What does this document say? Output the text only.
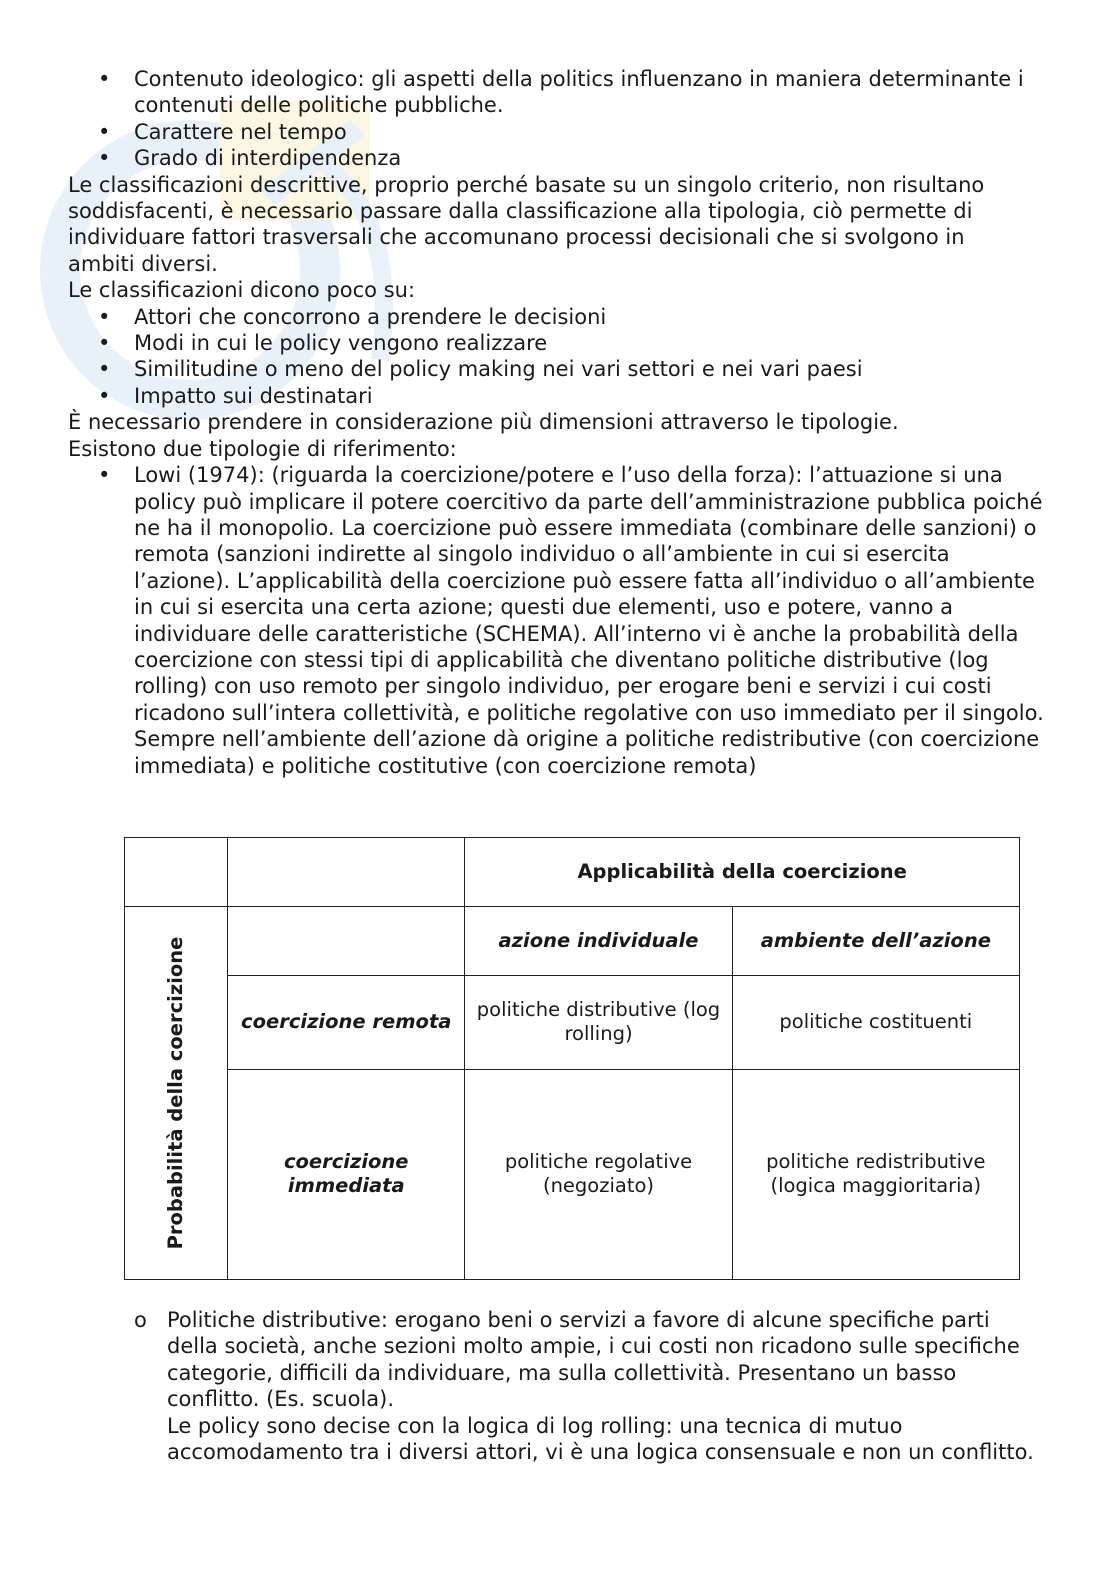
• Contenuto ideologico: gli aspetti della politics influenzano in maniera determinante i contenuti delle politiche pubbliche.
• Carattere nel tempo
• Grado di interdipendenza

Le classificazioni descrittive, proprio perché basate su un singolo criterio, non risultano soddisfacenti, è necessario passare dalla classificazione alla tipologia, ciò permette di individuare fattori trasversali che accomunano processi decisionali che si svolgono in ambiti diversi.

Le classificazioni dicono poco su:

• Attori che concorrono a prendere le decisioni
• Modi in cui le policy vengono realizzare
• Similitudine o meno del policy making nei vari settori e nei vari paesi
• Impatto sui destinatari

È necessario prendere in considerazione più dimensioni attraverso le tipologie.

Esistono due tipologie di riferimento:

• Lowi (1974): (riguarda la coercizione/potere e l’uso della forza): l’attuazione si una policy può implicare il potere coercitivo da parte dell’amministrazione pubblica poiché ne ha il monopolio. La coercizione può essere immediata (combinare delle sanzioni) o remota (sanzioni indirette al singolo individuo o all’ambiente in cui si esercita l’azione). L’applicabilità della coercizione può essere fatta all’individuo o all’ambiente in cui si esercita una certa azione; questi due elementi, uso e potere, vanno a individuare delle caratteristiche (SCHEMA). All’interno vi è anche la probabilità della coercizione con stessi tipi di applicabilità che diventano politiche distributive (log rolling) con uso remoto per singolo individuo, per erogare beni e servizi i cui costi ricadono sull’intera collettività, e politiche regolative con uso immediato per il singolo. Sempre nell’ambiente dell’azione dà origine a politiche redistributive (con coercizione immediata) e politiche costitutive (con coercizione remota)
		Applicabilità della coercizione	

Probabilità della coercizione		azione individuale	ambiente dell’azione
	coercizione remota	politiche distributive (log rolling)	politiche costituenti
	coercizione immediata	politiche regolative (negoziato)	politiche redistributive (logica maggioritaria)
o Politiche distributive: erogano beni o servizi a favore di alcune specifiche parti della società, anche sezioni molto ampie, i cui costi non ricadono sulle specifiche categorie, difficili da individuare, ma sulla collettività. Presentano un basso conflitto. (Es. scuola).

Le policy sono decise con la logica di log rolling: una tecnica di mutuo accomodamento tra i diversi attori, vi è una logica consensuale e non un conflitto.
